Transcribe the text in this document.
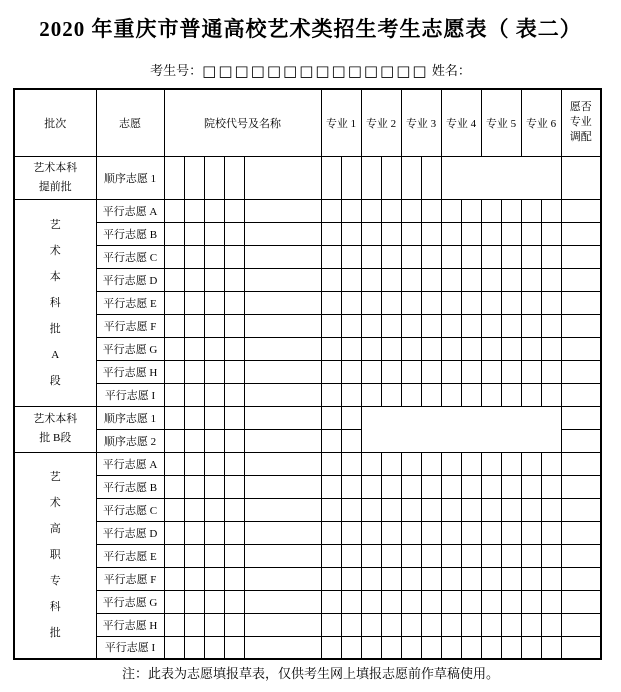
2020 年重庆市普通高校艺术类招生考生志愿表（ 表二）
考生号：□□□□□□□□□□□□□□ 姓名：
批次	志愿	院校代号及名称					专业 1		专业 2		专业 3		专业 4		专业 5		专业 6		愿否专业调配

艺术本科
提前批	顺序志愿 1																		

艺
术
本
科
批
A
段
	平行志愿 A																		
	平行志愿 B																		
	平行志愿 C																		
	平行志愿 D																		
	平行志愿 E																		
	平行志愿 F																		
	平行志愿 G																		
	平行志愿 H																		
	平行志愿 I																		

艺术本科
批 B段	顺序志愿 1																		
	顺序志愿 2																		

艺
术
高
职
专
科
批
	平行志愿 A																		
	平行志愿 B																		
	平行志愿 C																		
	平行志愿 D																		
	平行志愿 E																		
	平行志愿 F																		
	平行志愿 G																		
	平行志愿 H																		
	平行志愿 I																		
注：此表为志愿填报草表，仅供考生网上填报志愿前作草稿使用。
